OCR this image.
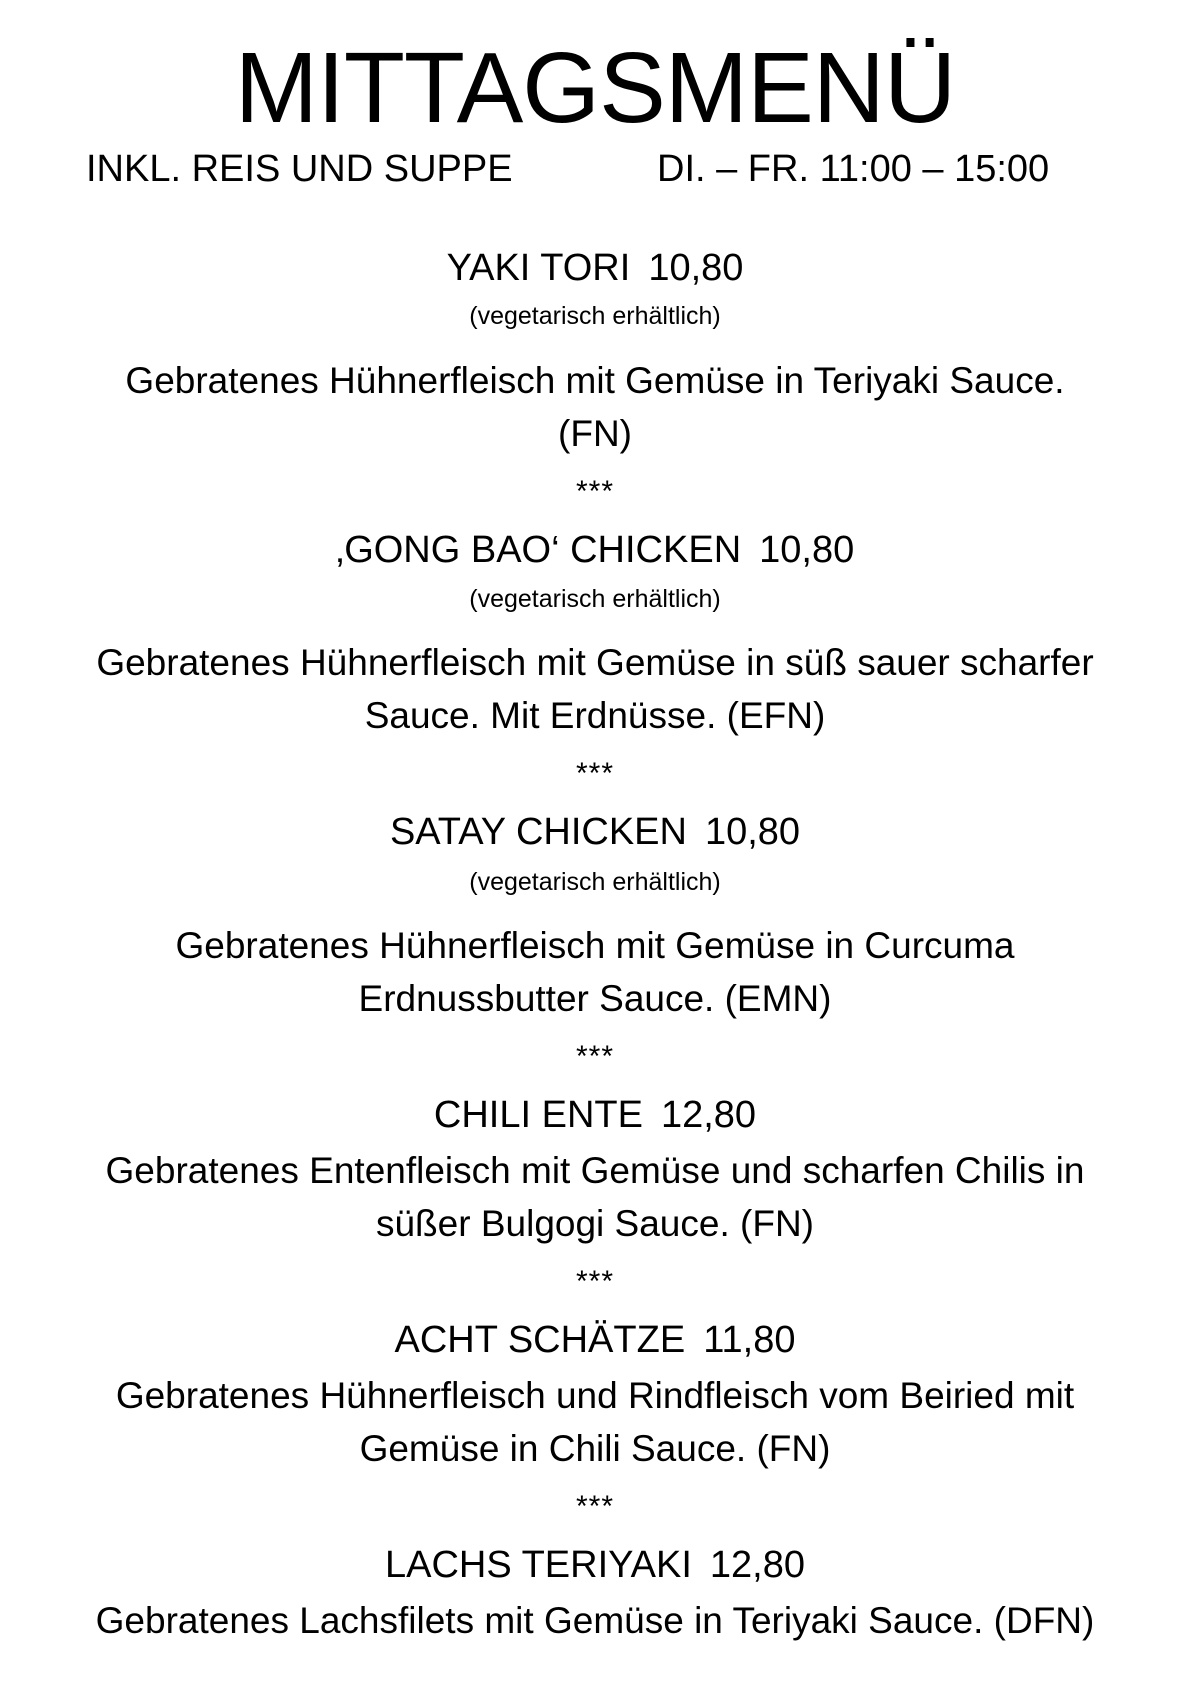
MITTAGSMENÜ
INKL. REIS UND SUPPE	DI. – FR. 11:00 – 15:00
YAKI TORI 10,80
(vegetarisch erhältlich)
Gebratenes Hühnerfleisch mit Gemüse in Teriyaki Sauce.
(FN)
***
‚GONG BAO‘ CHICKEN 10,80
(vegetarisch erhältlich)
Gebratenes Hühnerfleisch mit Gemüse in süß sauer scharfer
Sauce. Mit Erdnüsse. (EFN)
***
SATAY CHICKEN 10,80
(vegetarisch erhältlich)
Gebratenes Hühnerfleisch mit Gemüse in Curcuma
Erdnussbutter Sauce. (EMN)
***
CHILI ENTE 12,80
Gebratenes Entenfleisch mit Gemüse und scharfen Chilis in
süßer Bulgogi Sauce. (FN)
***
ACHT SCHÄTZE 11,80
Gebratenes Hühnerfleisch und Rindfleisch vom Beiried mit
Gemüse in Chili Sauce. (FN)
***
LACHS TERIYAKI 12,80
Gebratenes Lachsfilets mit Gemüse in Teriyaki Sauce. (DFN)
